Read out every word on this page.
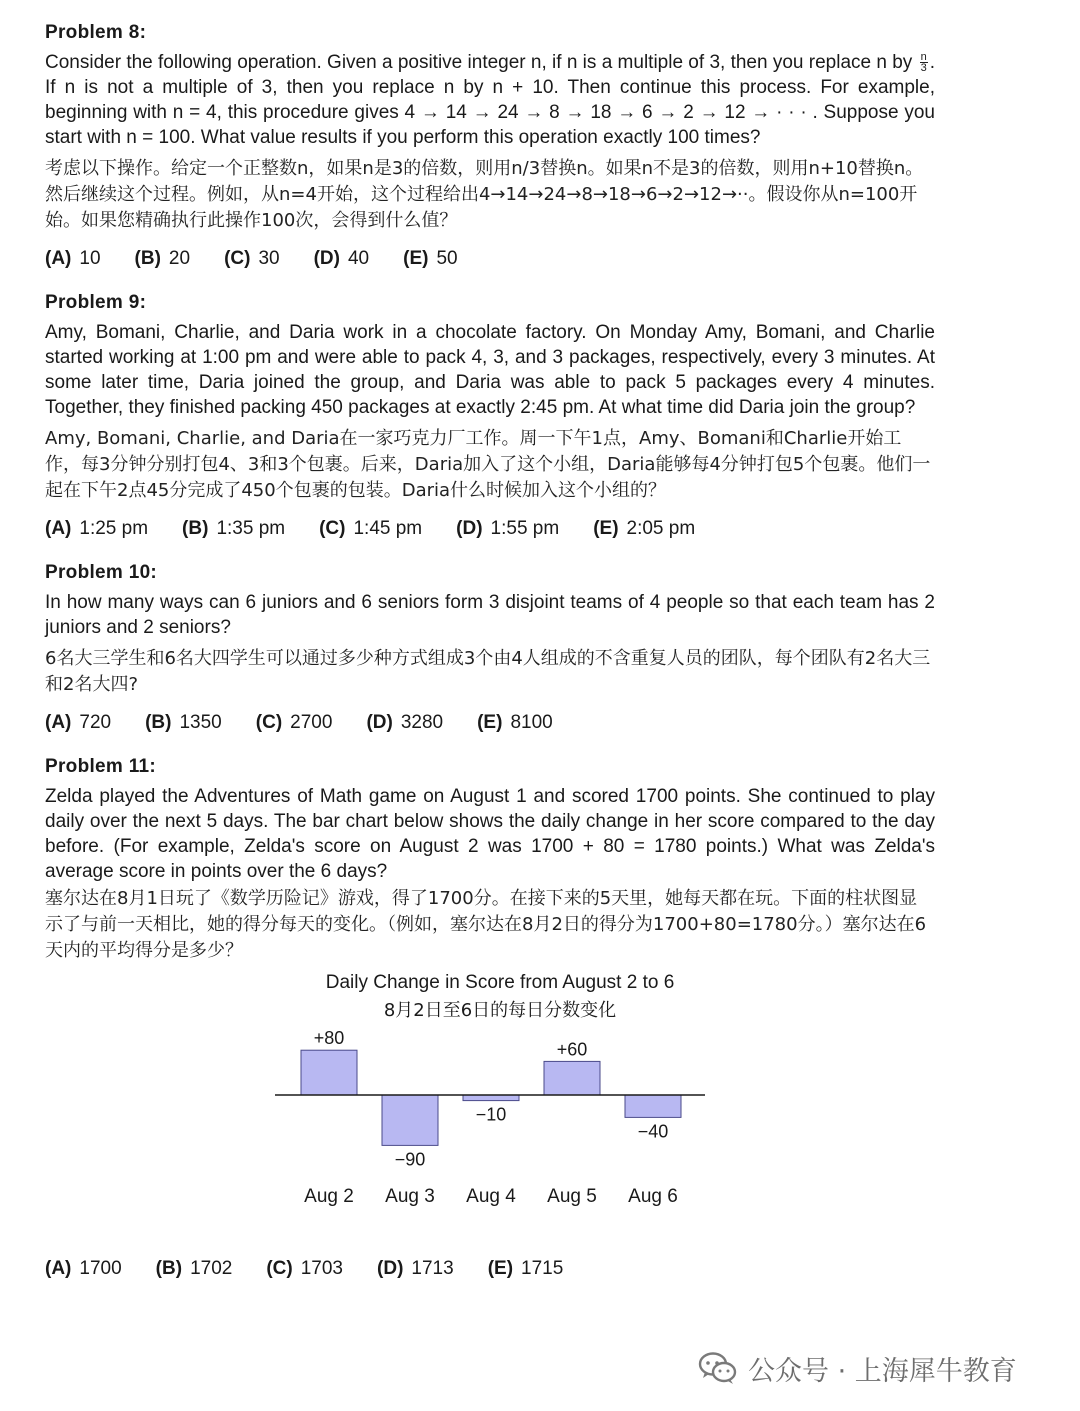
Problem 8:

Consider the following operation. Given a positive integer n, if n is a multiple of 3, then you replace n by $\frac{n}{3}$ . If n is not a multiple of 3, then you replace n by n + 10. Then continue this process. For example, beginning with n = 4, this procedure gives 4 → 14 → 24 → 8 → 18 → 6 → 2 → 12 → · · · . Suppose you start with n = 100. What value results if you perform this operation exactly 100 times?

考虑以下操作。给定一个正整数n，如果n是3的倍数，则用n/3替换n。如果n不是3的倍数，则用n+10替换n。然后继续这个过程。例如，从n=4开始，这个过程给出4→14→24→8→18→6→2→12→··。假设你从n=100开始。如果您精确执行此操作100次，会得到什么值？

(A) 10 (B) 20 (C) 30 (D) 40 (E) 50
Problem 9:

Amy, Bomani, Charlie, and Daria work in a chocolate factory. On Monday Amy, Bomani, and Charlie started working at 1:00 pm and were able to pack 4, 3, and 3 packages, respectively, every 3 minutes. At some later time, Daria joined the group, and Daria was able to pack 5 packages every 4 minutes. Together, they finished packing 450 packages at exactly 2:45 pm. At what time did Daria join the group?

Amy, Bomani, Charlie, and Daria在一家巧克力厂工作。周一下午1点，Amy、Bomani和Charlie开始工作，每3分钟分别打包4、3和3个包裹。后来，Daria加入了这个小组，Daria能够每4分钟打包5个包裹。他们一起在下午2点45分完成了450个包裹的包装。Daria什么时候加入这个小组的？

(A) 1:25 pm (B) 1:35 pm (C) 1:45 pm (D) 1:55 pm (E) 2:05 pm
Problem 10:

In how many ways can 6 juniors and 6 seniors form 3 disjoint teams of 4 people so that each team has 2 juniors and 2 seniors?

6名大三学生和6名大四学生可以通过多少种方式组成3个由4人组成的不含重复人员的团队，每个团队有2名大三和2名大四?

(A) 720 (B) 1350 (C) 2700 (D) 3280 (E) 8100
Problem 11:

Zelda played the Adventures of Math game on August 1 and scored 1700 points. She continued to play daily over the next 5 days. The bar chart below shows the daily change in her score compared to the day before. (For example, Zelda's score on August 2 was 1700 + 80 = 1780 points.) What was Zelda's average score in points over the 6 days?

塞尔达在8月1日玩了《数学历险记》游戏，得了1700分。在接下来的5天里，她每天都在玩。下面的柱状图显示了与前一天相比，她的得分每天的变化。（例如，塞尔达在8月2日的得分为1700+80=1780分。）塞尔达在6天内的平均得分是多少？

Daily Change in Score from August 2 to 6
8月2日至6日的每日分数变化
+80
Aug 2
−90
Aug 3
−10
Aug 4
+60
Aug 5
−40
Aug 6
(A) 1700 (B) 1702 (C) 1703 (D) 1713 (E) 1715
公众号 · 上海犀牛教育
